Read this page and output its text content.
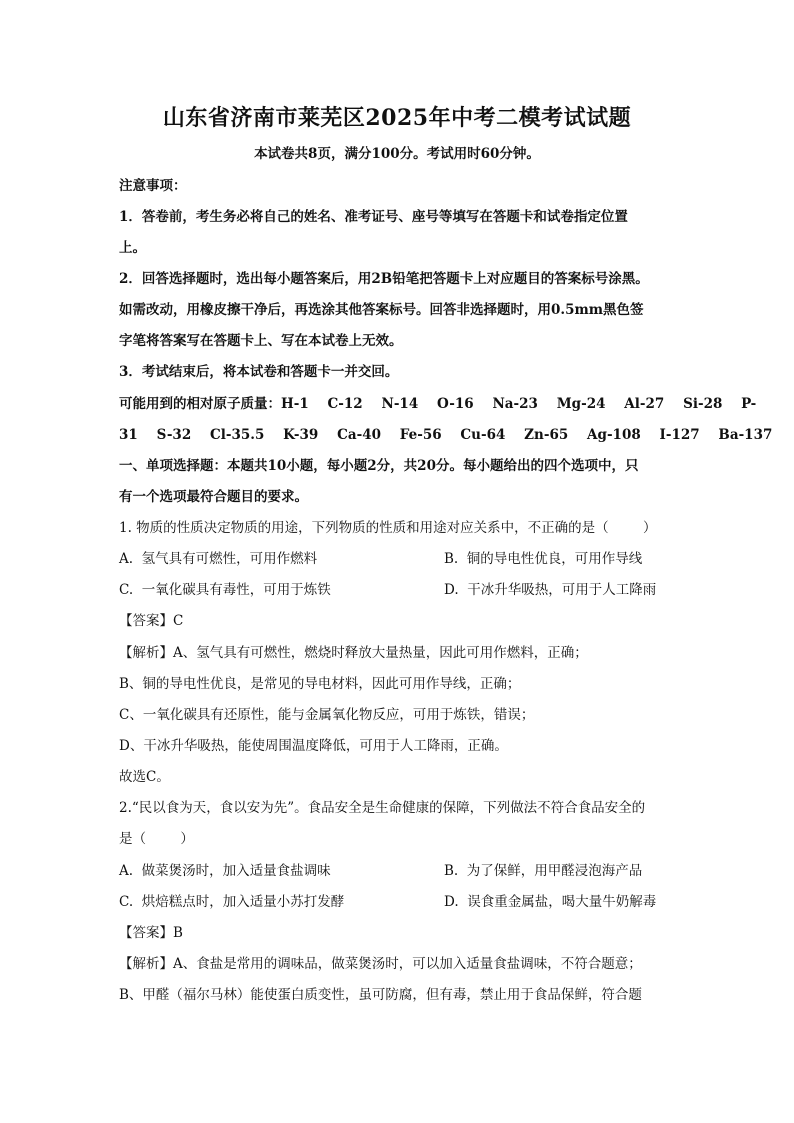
山东省济南市莱芜区2025年中考二模考试试题
本试卷共8页，满分100分。考试用时60分钟。
注意事项：
1．答卷前，考生务必将自己的姓名、准考证号、座号等填写在答题卡和试卷指定位置
上。
2．回答选择题时，选出每小题答案后，用2B铅笔把答题卡上对应题目的答案标号涂黑。
如需改动，用橡皮擦干净后，再选涂其他答案标号。回答非选择题时，用0.5mm黑色签
字笔将答案写在答题卡上、写在本试卷上无效。
3．考试结束后，将本试卷和答题卡一并交回。
可能用到的相对原子质量：H-1    C-12    N-14    O-16    Na-23    Mg-24    Al-27    Si-28    P-
31    S-32    Cl-35.5    K-39    Ca-40    Fe-56    Cu-64    Zn-65    Ag-108    I-127    Ba-137
一、单项选择题：本题共10小题，每小题2分，共20分。每小题给出的四个选项中，只
有一个选项最符合题目的要求。
1. 物质的性质决定物质的用途，下列物质的性质和用途对应关系中，不正确的是（        ）
A.  氢气具有可燃性，可用作燃料	B.  铜的导电性优良，可用作导线
C.  一氧化碳具有毒性，可用于炼铁	D.  干冰升华吸热，可用于人工降雨
【答案】C
【解析】A、氢气具有可燃性，燃烧时释放大量热量，因此可用作燃料，正确；
B、铜的导电性优良，是常见的导电材料，因此可用作导线，正确；
C、一氧化碳具有还原性，能与金属氧化物反应，可用于炼铁，错误；
D、干冰升华吸热，能使周围温度降低，可用于人工降雨，正确。
故选C。
2.“民以食为天，食以安为先”。食品安全是生命健康的保障，下列做法不符合食品安全的
是（        ）
A.  做菜煲汤时，加入适量食盐调味	B.  为了保鲜，用甲醛浸泡海产品
C.  烘焙糕点时，加入适量小苏打发酵	D.  误食重金属盐，喝大量牛奶解毒
【答案】B
【解析】A、食盐是常用的调味品，做菜煲汤时，可以加入适量食盐调味，不符合题意；
B、甲醛（福尔马林）能使蛋白质变性，虽可防腐，但有毒，禁止用于食品保鲜，符合题
